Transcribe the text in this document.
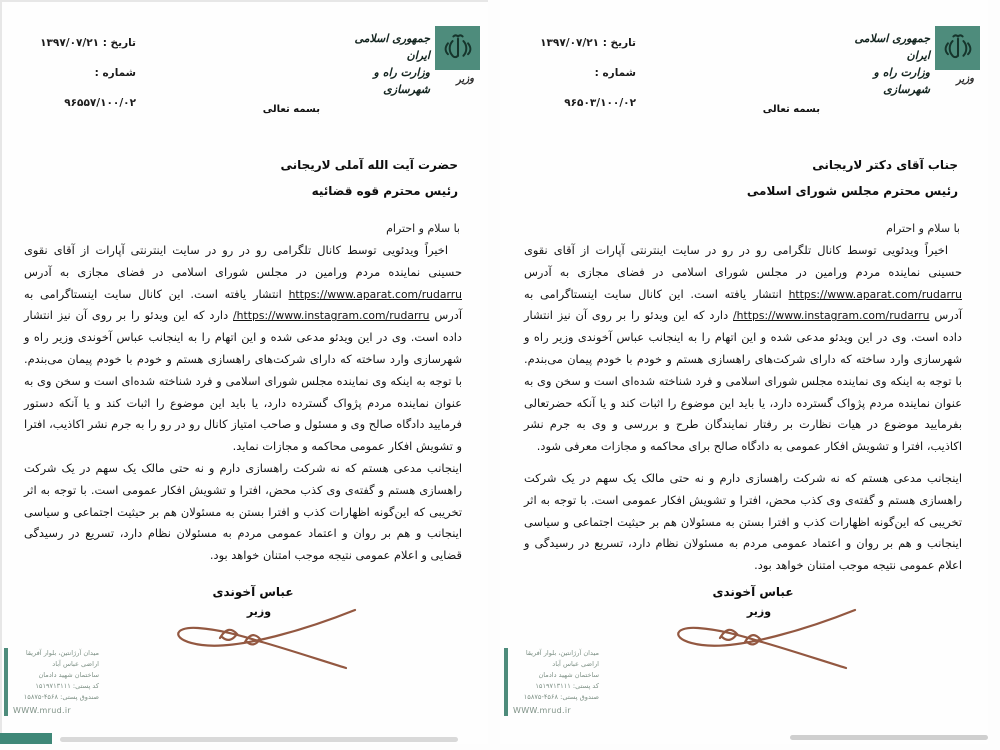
تاریخ : ۱۳۹۷/۰۷/۲۱
شماره : ۹۶۵۵۷/۱۰۰/۰۲
جمهوری اسلامی ایران
وزارت راه و شهرسازی
وزیر
بسمه تعالی
حضرت آیت الله آملی لاریجانی
رئیس محترم قوه قضائیه
با سلام و احترام

اخیراً ویدئویی توسط کانال تلگرامی رو در رو در سایت اینترنتی آپارات از آقای نقوی حسینی نماینده مردم ورامین در مجلس شورای اسلامی در فضای مجازی به آدرس https://www.aparat.com/rudarru انتشار یافته است. این کانال سایت اینستاگرامی به آدرس /https://www.instagram.com/rudarru دارد که این ویدئو را بر روی آن نیز انتشار داده است. وی در این ویدئو مدعی شده و این اتهام را به اینجانب عباس آخوندی وزیر راه و شهرسازی وارد ساخته که دارای شرکت‌های راهسازی هستم و خودم با خودم پیمان می‌بندم. با توجه به اینکه وی نماینده مجلس شورای اسلامی و فرد شناخته شده‌ای است و سخن وی به عنوان نماینده مردم پژواک گسترده دارد، یا باید این موضوع را اثبات کند و یا آنکه دستور فرمایید دادگاه صالح وی و مسئول و صاحب امتیاز کانال رو در رو را به جرم نشر اکاذیب، افترا و تشویش افکار عمومی محاکمه و مجازات نماید.

اینجانب مدعی هستم که نه شرکت راهسازی دارم و نه حتی مالک یک سهم در یک شرکت راهسازی هستم و گفته‌ی وی کذب محض، افترا و تشویش افکار عمومی است. با توجه به اثر تخریبی که این‌گونه اظهارات کذب و افترا بستن به مسئولان هم بر حیثیت اجتماعی و سیاسی اینجانب و هم بر روان و اعتماد عمومی مردم به مسئولان نظام دارد، تسریع در رسیدگی قضایی و اعلام عمومی نتیجه موجب امتنان خواهد بود.

عباس آخوندی
وزیر
میدان آرژانتین، بلوار آفریقا
اراضی عباس آباد
ساختمان شهید دادمان
کد پستی: ‎۱۵۱۹۷۱۳۱۱۱
صندوق پستی: ‎۱۵۸۷۵-۴۵۶۸
WWW.mrud.ir
تاریخ : ۱۳۹۷/۰۷/۲۱
شماره : ۹۶۵۰۳/۱۰۰/۰۲
جمهوری اسلامی ایران
وزارت راه و شهرسازی
وزیر
بسمه تعالی
جناب آقای دکتر لاریجانی
رئیس محترم مجلس شورای اسلامی
با سلام و احترام

اخیراً ویدئویی توسط کانال تلگرامی رو در رو در سایت اینترنتی آپارات از آقای نقوی حسینی نماینده مردم ورامین در مجلس شورای اسلامی در فضای مجازی به آدرس https://www.aparat.com/rudarru انتشار یافته است. این کانال سایت اینستاگرامی به آدرس /https://www.instagram.com/rudarru دارد که این ویدئو را بر روی آن نیز انتشار داده است. وی در این ویدئو مدعی شده و این اتهام را به اینجانب عباس آخوندی وزیر راه و شهرسازی وارد ساخته که دارای شرکت‌های راهسازی هستم و خودم با خودم پیمان می‌بندم. با توجه به اینکه وی نماینده مجلس شورای اسلامی و فرد شناخته شده‌ای است و سخن وی به عنوان نماینده مردم پژواک گسترده دارد، یا باید این موضوع را اثبات کند و یا آنکه حضرتعالی بفرمایید موضوع در هیات نظارت بر رفتار نمایندگان طرح و بررسی و وی به جرم نشر اکاذیب، افترا و تشویش افکار عمومی به دادگاه صالح برای محاکمه و مجازات معرفی شود.

اینجانب مدعی هستم که نه شرکت راهسازی دارم و نه حتی مالک یک سهم در یک شرکت راهسازی هستم و گفته‌ی وی کذب محض، افترا و تشویش افکار عمومی است. با توجه به اثر تخریبی که این‌گونه اظهارات کذب و افترا بستن به مسئولان هم بر حیثیت اجتماعی و سیاسی اینجانب و هم بر روان و اعتماد عمومی مردم به مسئولان نظام دارد، تسریع در رسیدگی و اعلام عمومی نتیجه موجب امتنان خواهد بود.

عباس آخوندی
وزیر
میدان آرژانتین، بلوار آفریقا
اراضی عباس آباد
ساختمان شهید دادمان
کد پستی: ‎۱۵۱۹۷۱۳۱۱۱
صندوق پستی: ‎۱۵۸۷۵-۴۵۶۸
WWW.mrud.ir
